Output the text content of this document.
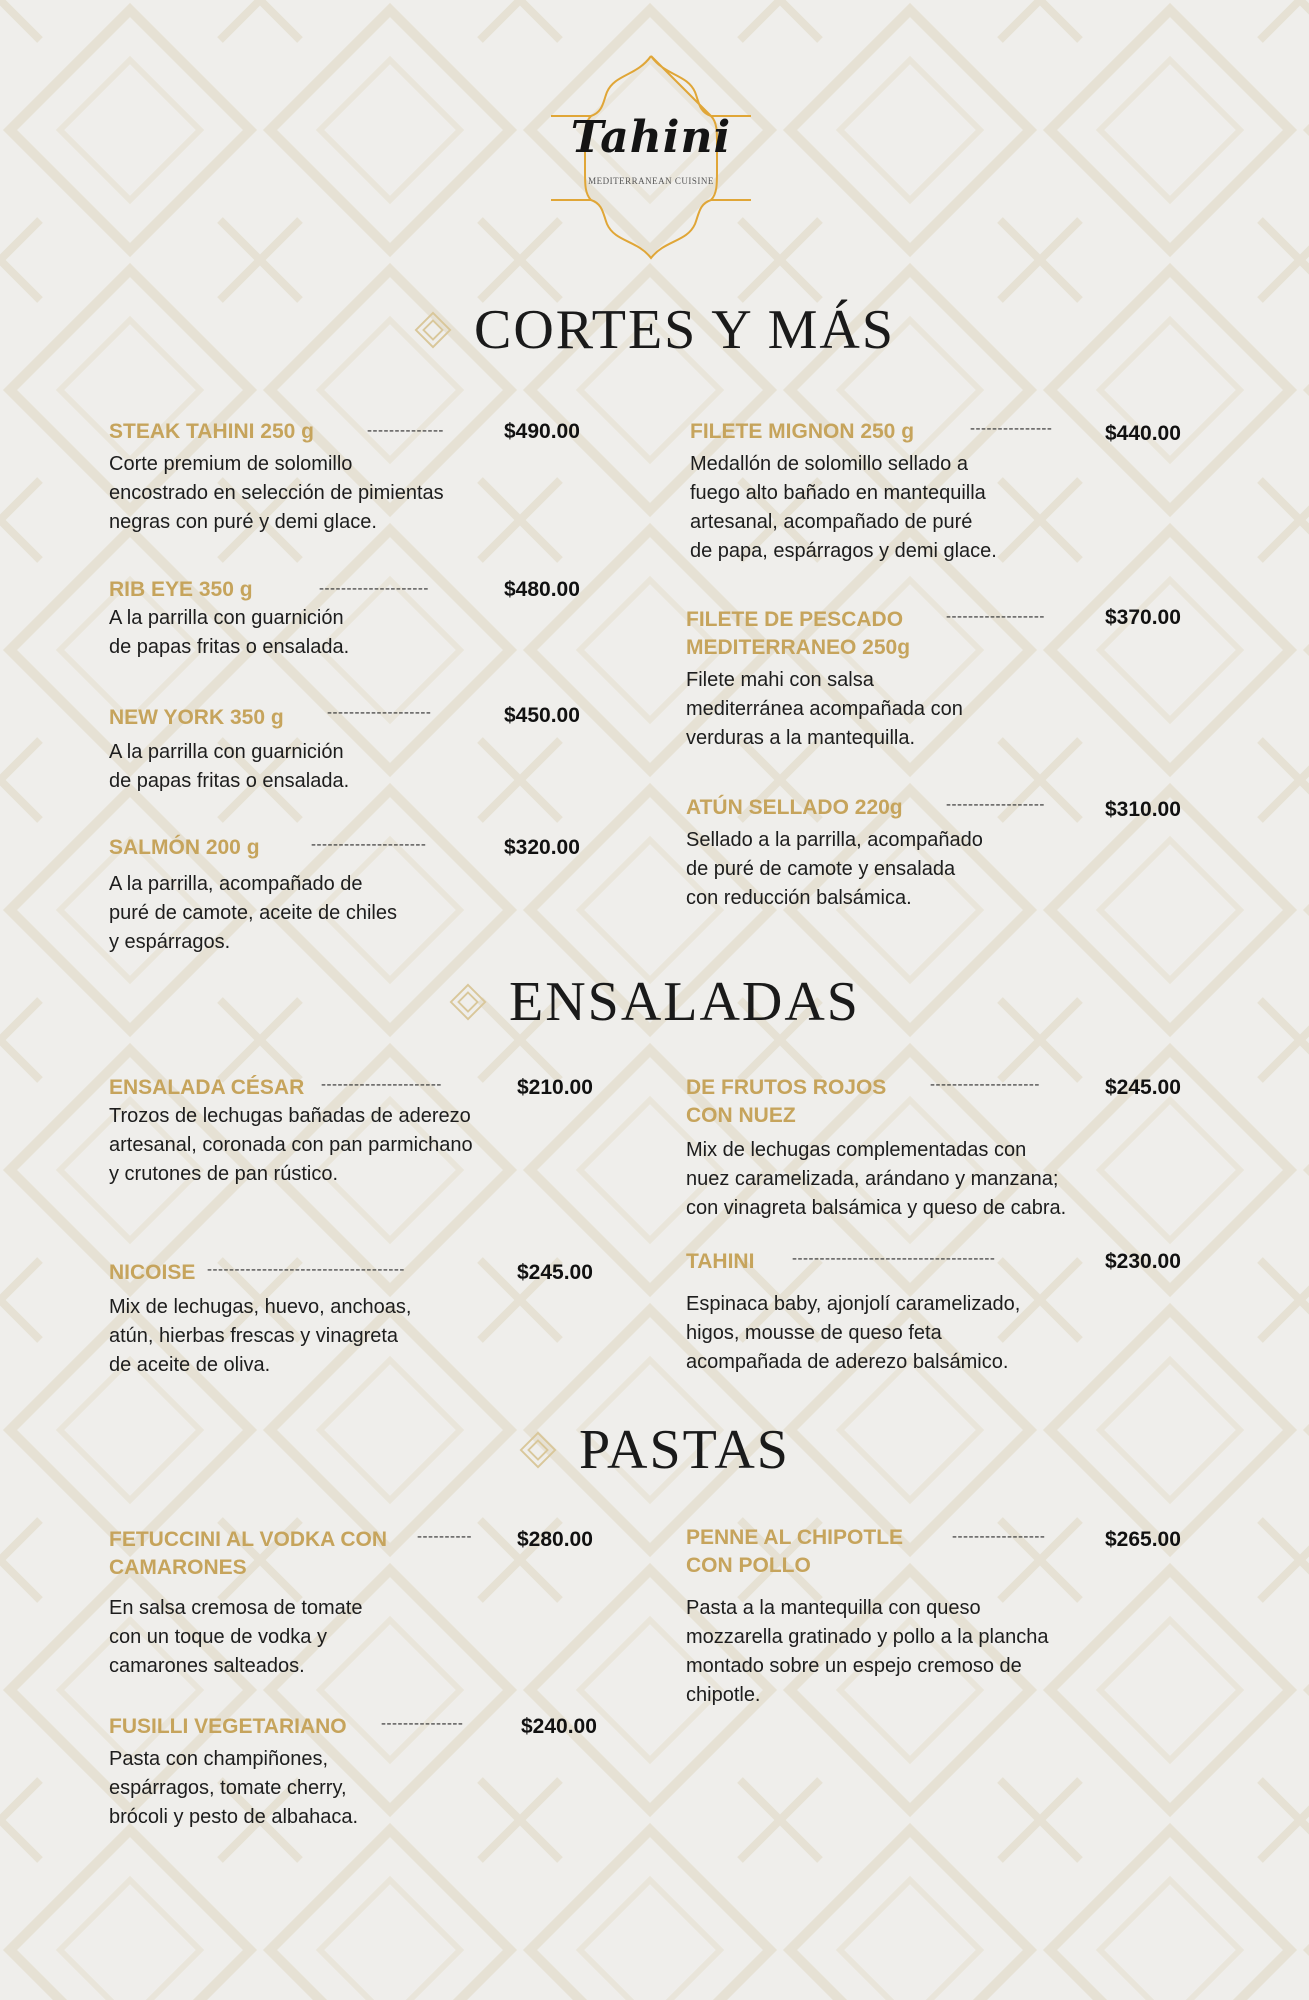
Tahini
MEDITERRANEAN CUISINE
CORTES Y MÁS
STEAK TAHINI 250 g	--------------	$490.00
Corte premium de solomillo
encostrado en selección de pimientas
negras con puré y demi glace.
RIB EYE 350 g	--------------------	$480.00
A la parrilla con guarnición
de papas fritas o ensalada.
NEW YORK 350 g	-------------------	$450.00
A la parrilla con guarnición
de papas fritas o ensalada.
SALMÓN 200 g	---------------------	$320.00
A la parrilla, acompañado de
puré de camote, aceite de chiles
y espárragos.
FILETE MIGNON 250 g	---------------	$440.00
Medallón de solomillo sellado a
fuego alto bañado en mantequilla
artesanal, acompañado de puré
de papa, espárragos y demi glace.
FILETE DE PESCADO
MEDITERRANEO 250g
------------------	$370.00
Filete mahi con salsa
mediterránea acompañada con
verduras a la mantequilla.
ATÚN SELLADO 220g	------------------	$310.00
Sellado a la parrilla, acompañado
de puré de camote y ensalada
con reducción balsámica.
ENSALADAS
ENSALADA CÉSAR	----------------------	$210.00
Trozos de lechugas bañadas de aderezo
artesanal, coronada con pan parmichano
y crutones de pan rústico.
NICOISE ------------------------------------	$245.00
Mix de lechugas, huevo, anchoas,
atún, hierbas frescas y vinagreta
de aceite de oliva.
DE FRUTOS ROJOS
CON NUEZ
--------------------	$245.00
Mix de lechugas complementadas con
nuez caramelizada, arándano y manzana;
con vinagreta balsámica y queso de cabra.
TAHINI	-------------------------------------	$230.00
Espinaca baby, ajonjolí caramelizado,
higos, mousse de queso feta
acompañada de aderezo balsámico.
PASTAS
FETUCCINI AL VODKA CON
CAMARONES
----------	$280.00
En salsa cremosa de tomate
con un toque de vodka y
camarones salteados.
FUSILLI VEGETARIANO	---------------	$240.00
Pasta con champiñones,
espárragos, tomate cherry,
brócoli y pesto de albahaca.
PENNE AL CHIPOTLE
CON POLLO
-----------------	$265.00
Pasta a la mantequilla con queso
mozzarella gratinado y pollo a la plancha
montado sobre un espejo cremoso de
chipotle.
